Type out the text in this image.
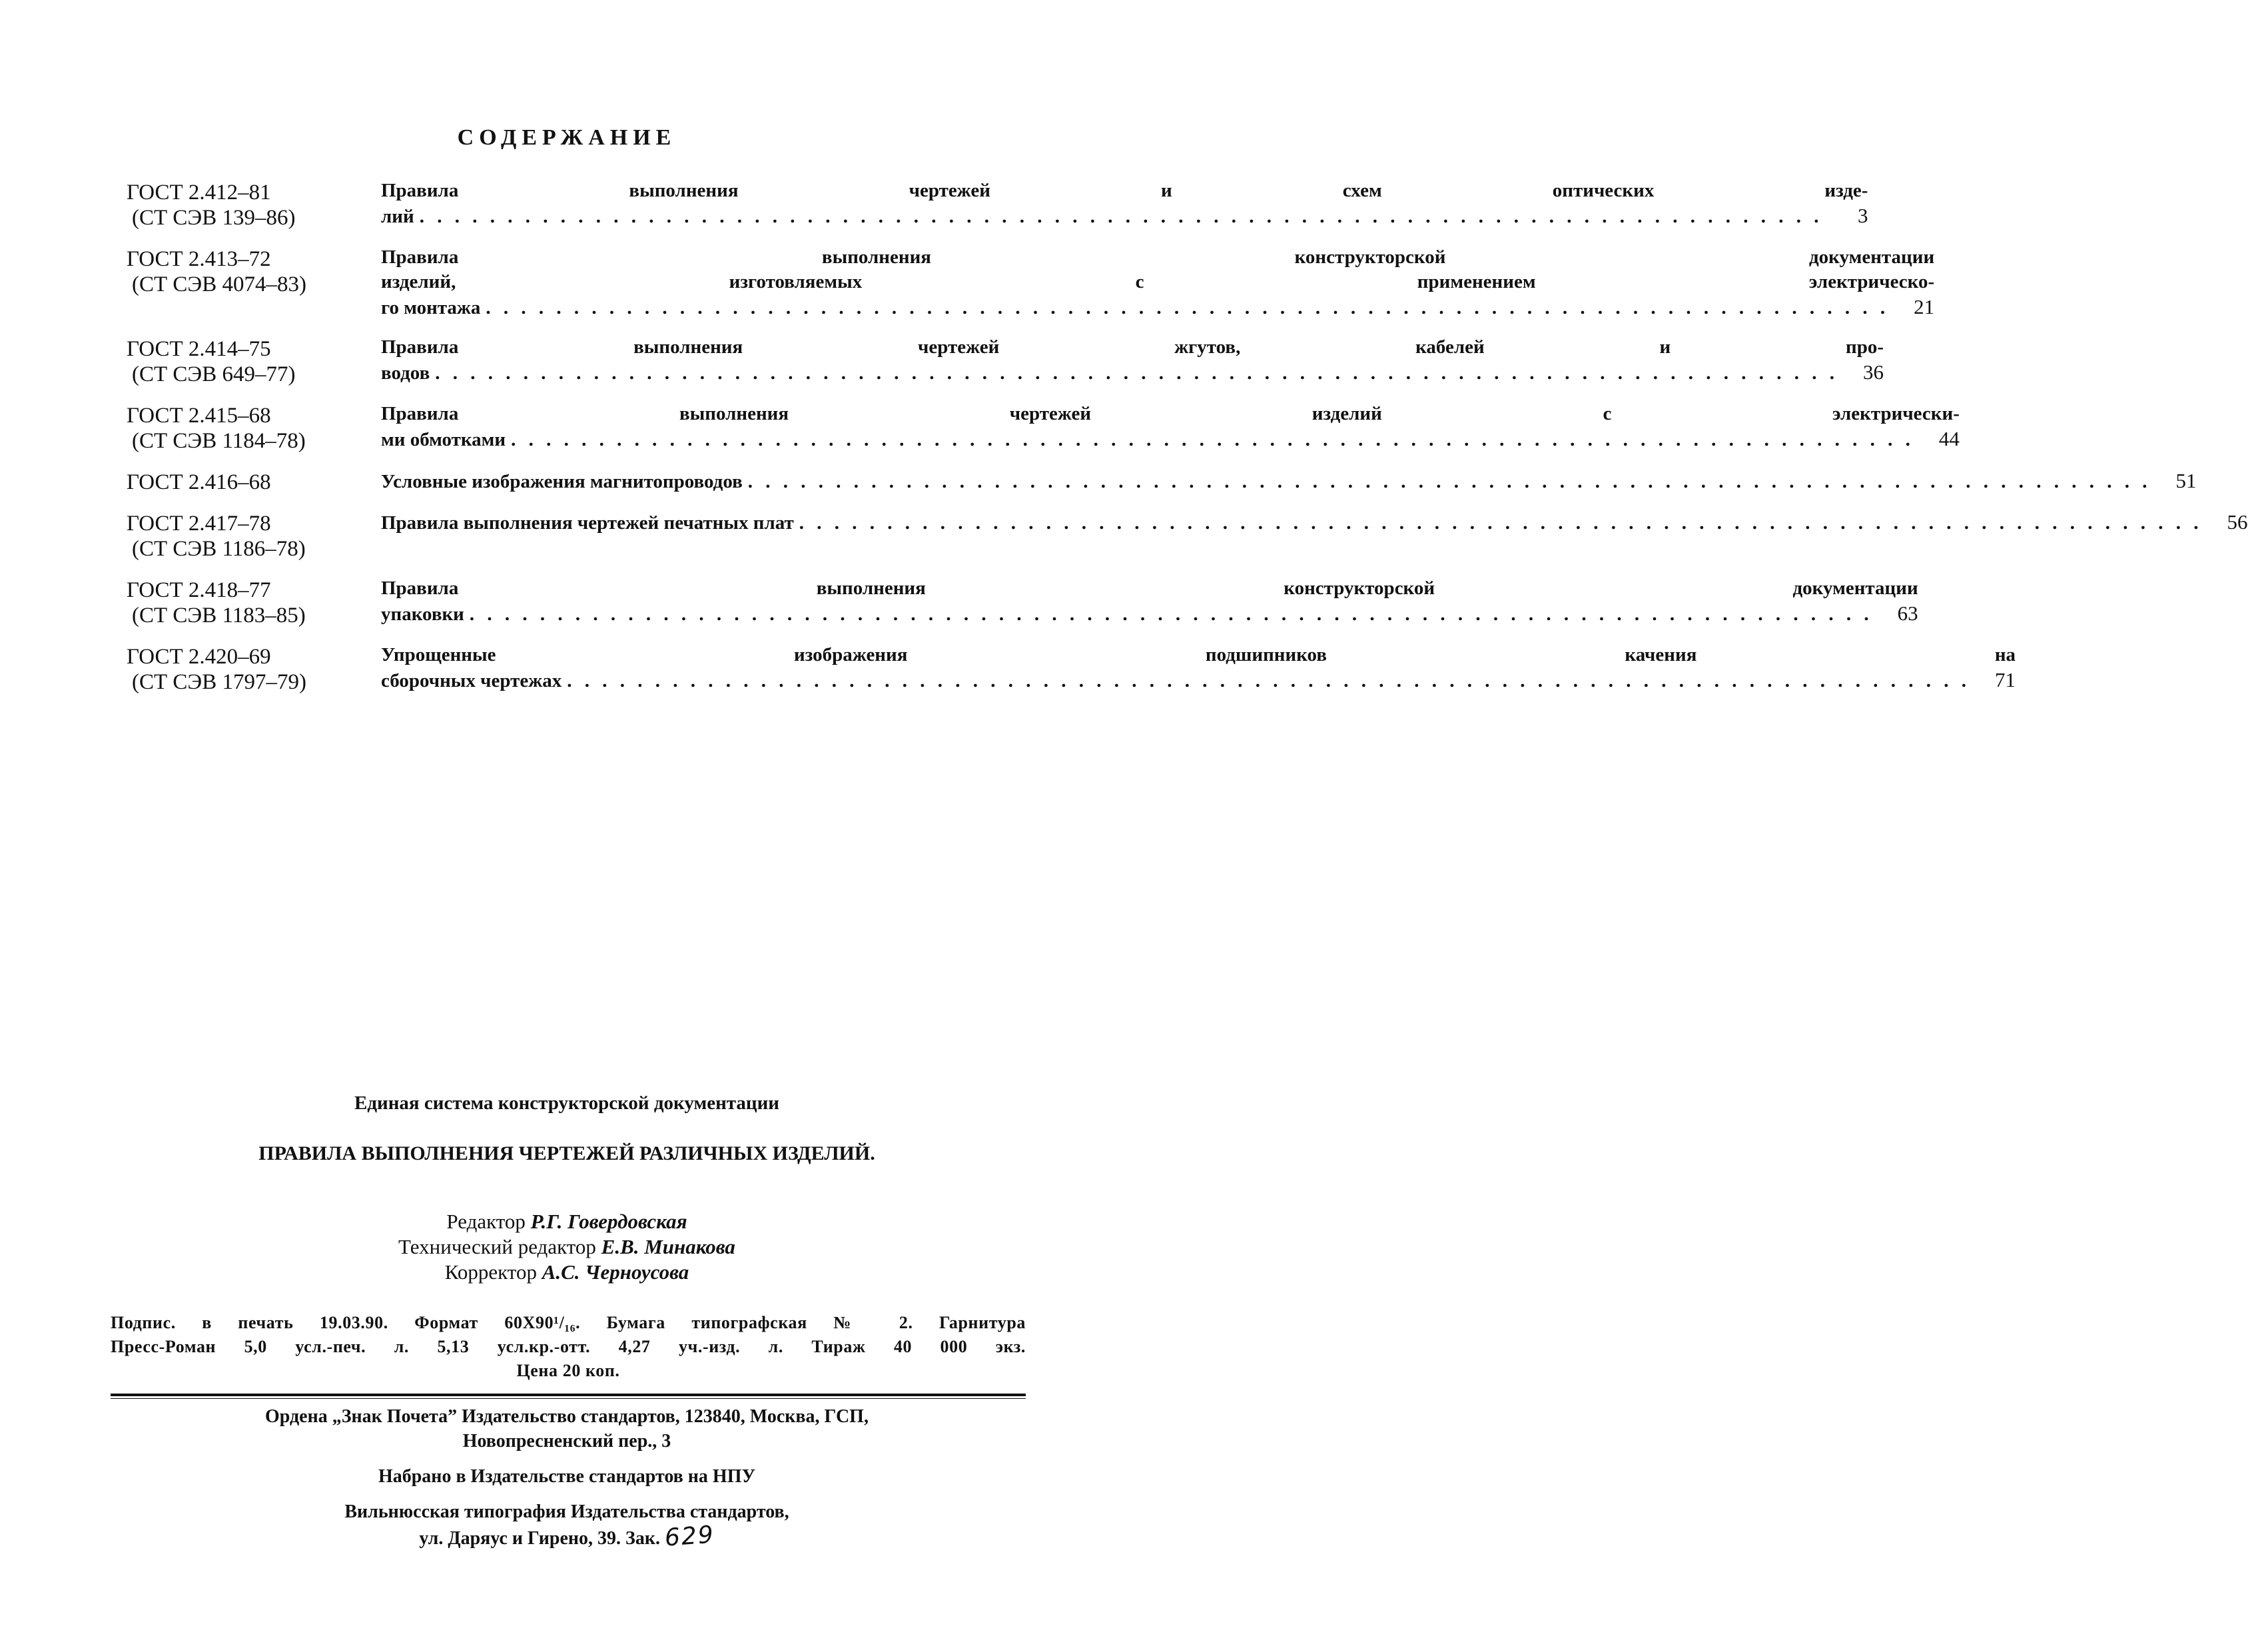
СОДЕРЖАНИЕ
ГОСТ 2.412–81
(СТ СЭВ 139–86)
Правила выполнения чертежей и схем оптических изде-
лий . . .	3
ГОСТ 2.413–72
(СТ СЭВ 4074–83)
Правила выполнения конструкторской документации
изделий, изготовляемых с применением электрическо-
го монтажа . . .	21
ГОСТ 2.414–75
(СТ СЭВ 649–77)
Правила выполнения чертежей жгутов, кабелей и про-
водов . . .	36
ГОСТ 2.415–68
(СТ СЭВ 1184–78)
Правила выполнения чертежей изделий с электрически-
ми обмотками . . .	44
ГОСТ 2.416–68	Условные изображения магнитопроводов . . .	51
ГОСТ 2.417–78
(СТ СЭВ 1186–78)
Правила выполнения чертежей печатных плат . . .	56
ГОСТ 2.418–77
(СТ СЭВ 1183–85)
Правила выполнения конструкторской документации
упаковки . . .	63
ГОСТ 2.420–69
(СТ СЭВ 1797–79)
Упрощенные изображения подшипников качения на
сборочных чертежах . . .	71
Единая система конструкторской документации
ПРАВИЛА ВЫПОЛНЕНИЯ ЧЕРТЕЖЕЙ РАЗЛИЧНЫХ ИЗДЕЛИЙ.
Редактор Р.Г. Говердовская
Технический редактор Е.В. Минакова
Корректор А.С. Черноусова
Подпис. в печать 19.03.90. Формат 60Х90¹/₁₆. Бумага типографская № 2. Гарнитура
Пресс-Роман 5,0 усл.-печ. л. 5,13 усл.кр.-отт. 4,27 уч.-изд. л. Тираж 40 000 экз.
Цена 20 коп.
Ордена „Знак Почета” Издательство стандартов, 123840, Москва, ГСП,
Новопресненский пер., 3
Набрано в Издательстве стандартов на НПУ
Вильнюсская типография Издательства стандартов,
ул. Даряус и Гирено, 39. Зак. 629
